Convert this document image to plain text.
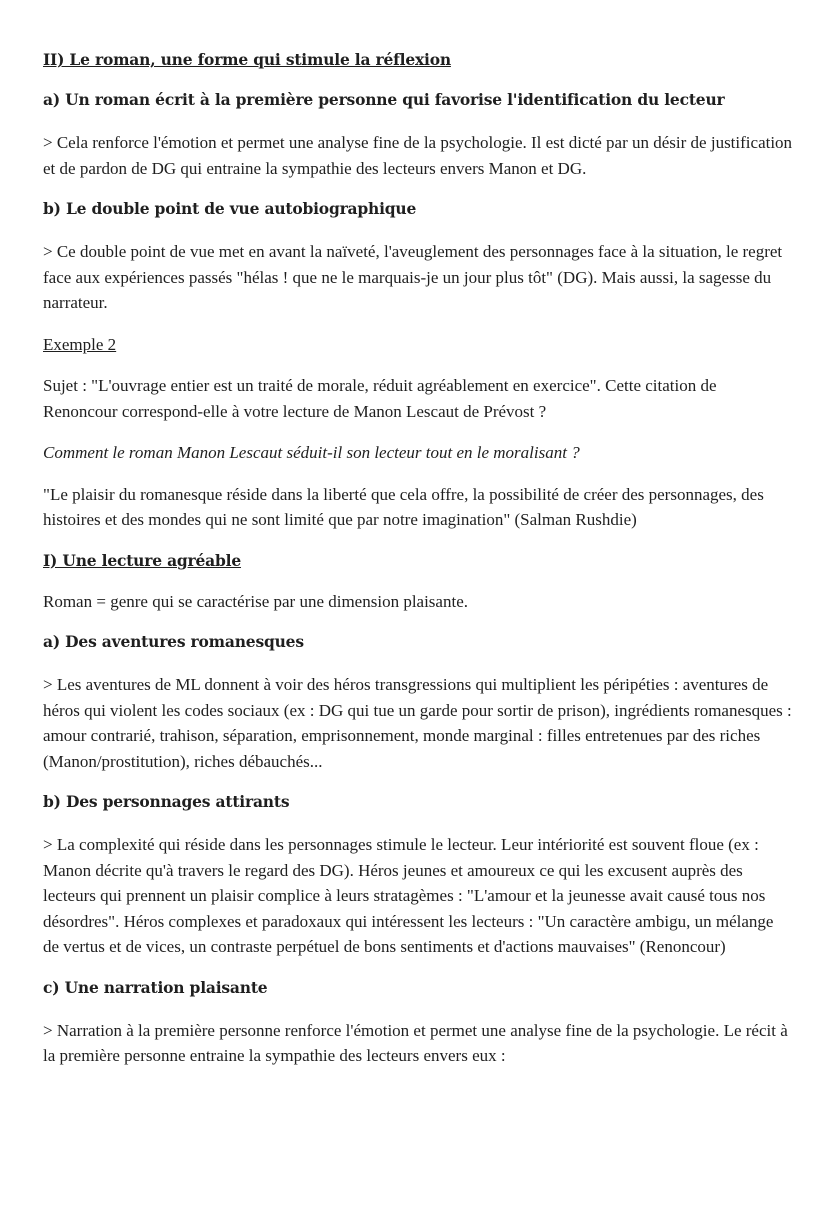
II) Le roman, une forme qui stimule la réflexion

a) Un roman écrit à la première personne qui favorise l'identification du lecteur

> Cela renforce l'émotion et permet une analyse fine de la psychologie. Il est dicté par un désir de justification et de pardon de DG qui entraine la sympathie des lecteurs envers Manon et DG.

b) Le double point de vue autobiographique

> Ce double point de vue met en avant la naïveté, l'aveuglement des personnages face à la situation, le regret face aux expériences passés "hélas ! que ne le marquais-je un jour plus tôt" (DG). Mais aussi, la sagesse du narrateur.

Exemple 2

Sujet : "L'ouvrage entier est un traité de morale, réduit agréablement en exercice". Cette citation de Renoncour correspond-elle à votre lecture de Manon Lescaut de Prévost ?

Comment le roman Manon Lescaut séduit-il son lecteur tout en le moralisant ?

"Le plaisir du romanesque réside dans la liberté que cela offre, la possibilité de créer des personnages, des histoires et des mondes qui ne sont limité que par notre imagination" (Salman Rushdie)

I) Une lecture agréable

Roman = genre qui se caractérise par une dimension plaisante.

a) Des aventures romanesques

> Les aventures de ML donnent à voir des héros transgressions qui multiplient les péripéties : aventures de héros qui violent les codes sociaux (ex : DG qui tue un garde pour sortir de prison), ingrédients romanesques : amour contrarié, trahison, séparation, emprisonnement, monde marginal : filles entretenues par des riches (Manon/prostitution), riches débauchés...

b) Des personnages attirants

> La complexité qui réside dans les personnages stimule le lecteur. Leur intériorité est souvent floue (ex : Manon décrite qu'à travers le regard des DG). Héros jeunes et amoureux ce qui les excusent auprès des lecteurs qui prennent un plaisir complice à leurs stratagèmes : "L'amour et la jeunesse avait causé tous nos désordres". Héros complexes et paradoxaux qui intéressent les lecteurs : "Un caractère ambigu, un mélange de vertus et de vices, un contraste perpétuel de bons sentiments et d'actions mauvaises" (Renoncour)

c) Une narration plaisante

> Narration à la première personne renforce l'émotion et permet une analyse fine de la psychologie. Le récit à la première personne entraine la sympathie des lecteurs envers eux :
